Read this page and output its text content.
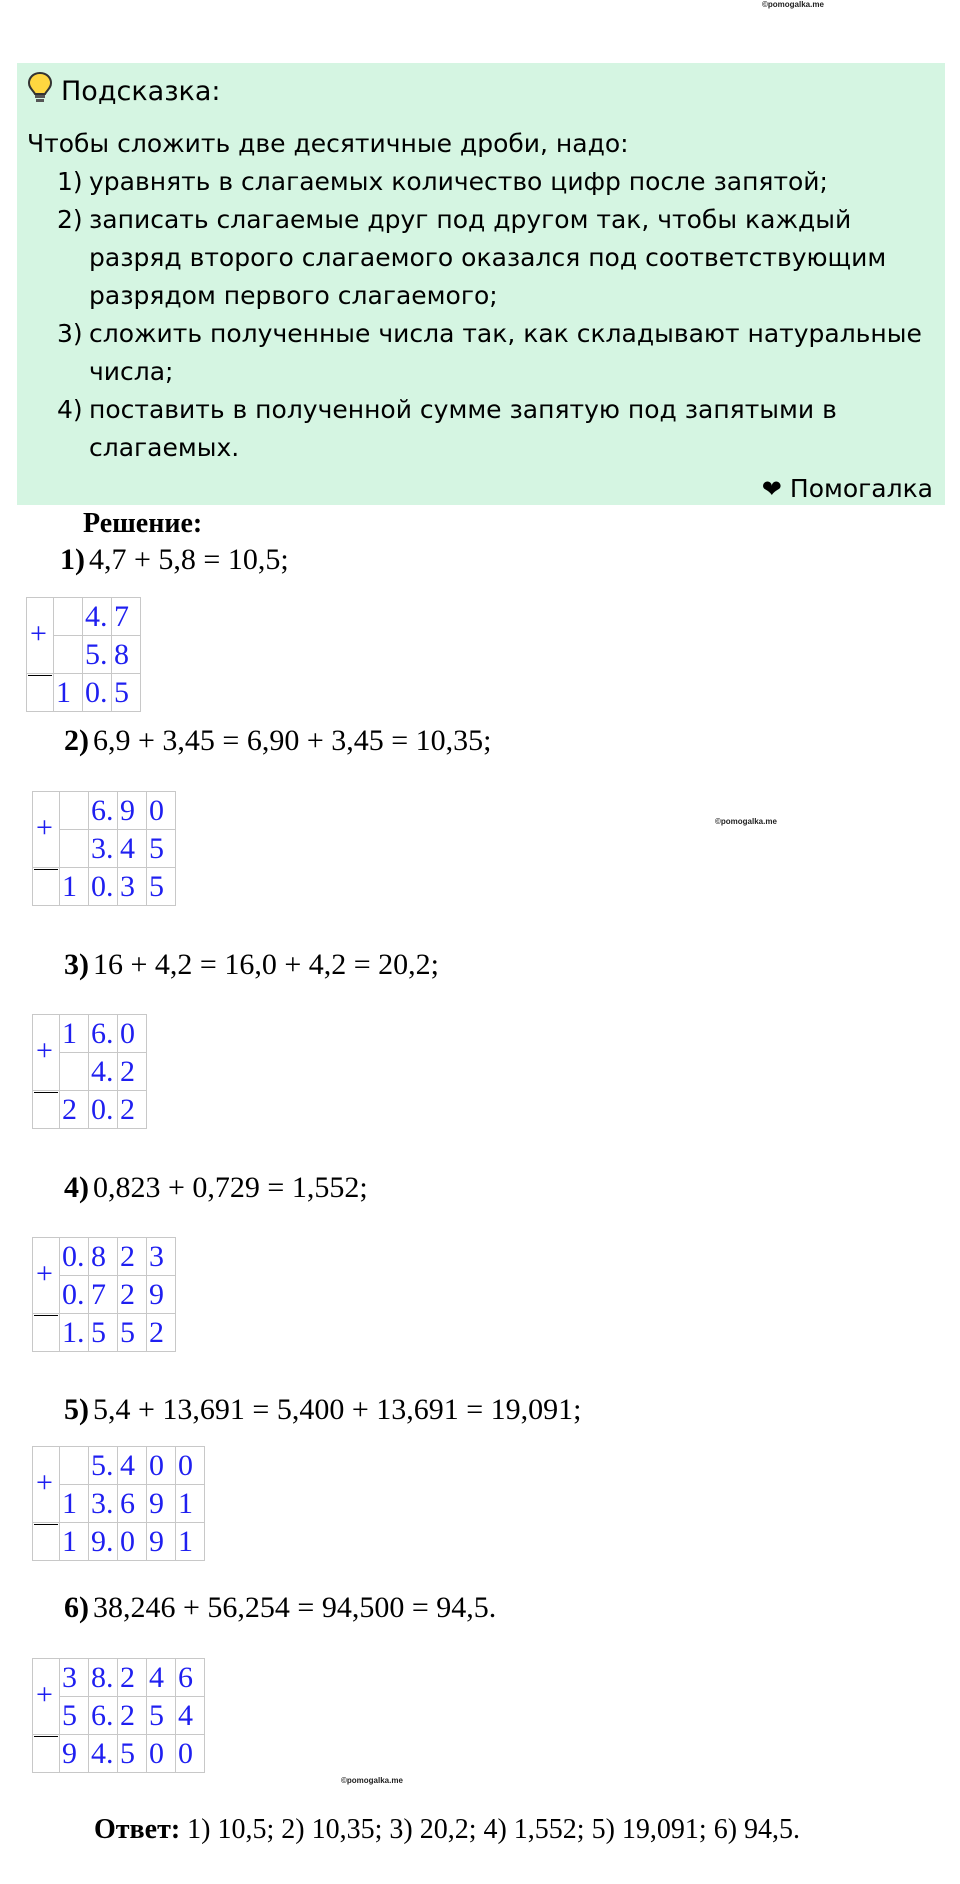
©pomogalka.me
Подсказка:
Чтобы сложить две десятичные дроби, надо:
1) уравнять в слагаемых количество цифр после запятой;
2) записать слагаемые друг под другом так, чтобы каждый разряд второго слагаемого оказался под соответствующим разрядом первого слагаемого;
3) сложить полученные числа так, как складывают натуральные числа;
4) поставить в полученной сумме запятую под запятыми в слагаемых.
❤ Помогалка
Решение:
1) 4,7 + 5,8 = 10,5;
		4.	7
		5.	8
	1	0.	5
+
2) 6,9 + 3,45 = 6,90 + 3,45 = 10,35;
		6.	9	0
		3.	4	5
	1	0.	3	5
+
3) 16 + 4,2 = 16,0 + 4,2 = 20,2;
	1	6.	0
		4.	2
	2	0.	2
+
4) 0,823 + 0,729 = 1,552;
	0.	8	2	3
	0.	7	2	9
	1.	5	5	2
+
5) 5,4 + 13,691 = 5,400 + 13,691 = 19,091;
		5.	4	0	0
	1	3.	6	9	1
	1	9.	0	9	1
+
6) 38,246 + 56,254 = 94,500 = 94,5.
	3	8.	2	4	6
	5	6.	2	5	4
	9	4.	5	0	0
+
©pomogalka.me
©pomogalka.me
Ответ: 1) 10,5; 2) 10,35; 3) 20,2; 4) 1,552; 5) 19,091; 6) 94,5.
